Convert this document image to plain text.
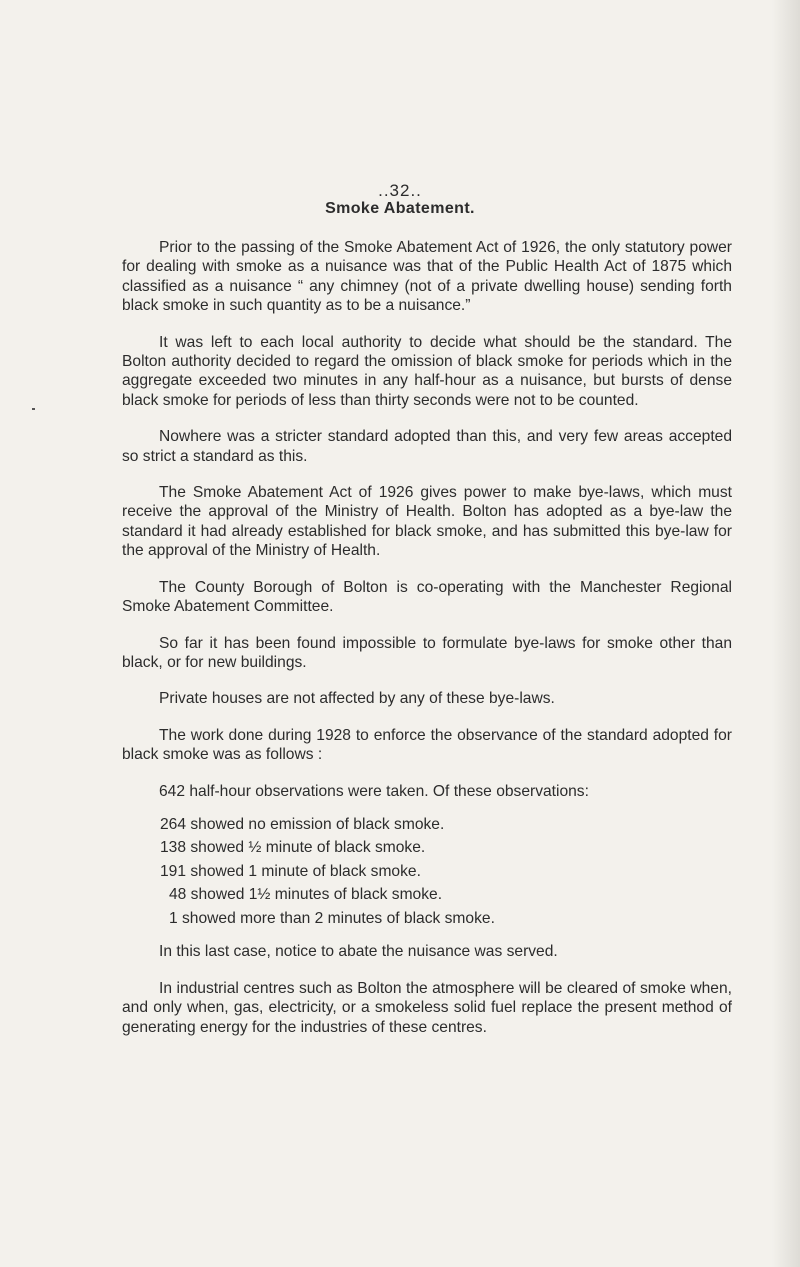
..32..
Smoke Abatement.

Prior to the passing of the Smoke Abatement Act of 1926, the only statutory power for dealing with smoke as a nuisance was that of the Public Health Act of 1875 which classified as a nuisance “ any chimney (not of a private dwelling house) sending forth black smoke in such quantity as to be a nuisance.”

It was left to each local authority to decide what should be the standard. The Bolton authority decided to regard the omission of black smoke for periods which in the aggregate exceeded two minutes in any half-hour as a nuisance, but bursts of dense black smoke for periods of less than thirty seconds were not to be counted.

Nowhere was a stricter standard adopted than this, and very few areas accepted so strict a standard as this.

The Smoke Abatement Act of 1926 gives power to make bye-laws, which must receive the approval of the Ministry of Health. Bolton has adopted as a bye-law the standard it had already established for black smoke, and has submitted this bye-law for the approval of the Ministry of Health.

The County Borough of Bolton is co-operating with the Manchester Regional Smoke Abatement Committee.

So far it has been found impossible to formulate bye-laws for smoke other than black, or for new buildings.

Private houses are not affected by any of these bye-laws.

The work done during 1928 to enforce the observance of the standard adopted for black smoke was as follows :

642 half-hour observations were taken. Of these observations:

264 showed no emission of black smoke.
138 showed ½ minute of black smoke.
191 showed 1 minute of black smoke.
48 showed 1½ minutes of black smoke.
1 showed more than 2 minutes of black smoke.

In this last case, notice to abate the nuisance was served.

In industrial centres such as Bolton the atmosphere will be cleared of smoke when, and only when, gas, electricity, or a smokeless solid fuel replace the present method of generating energy for the industries of these centres.
